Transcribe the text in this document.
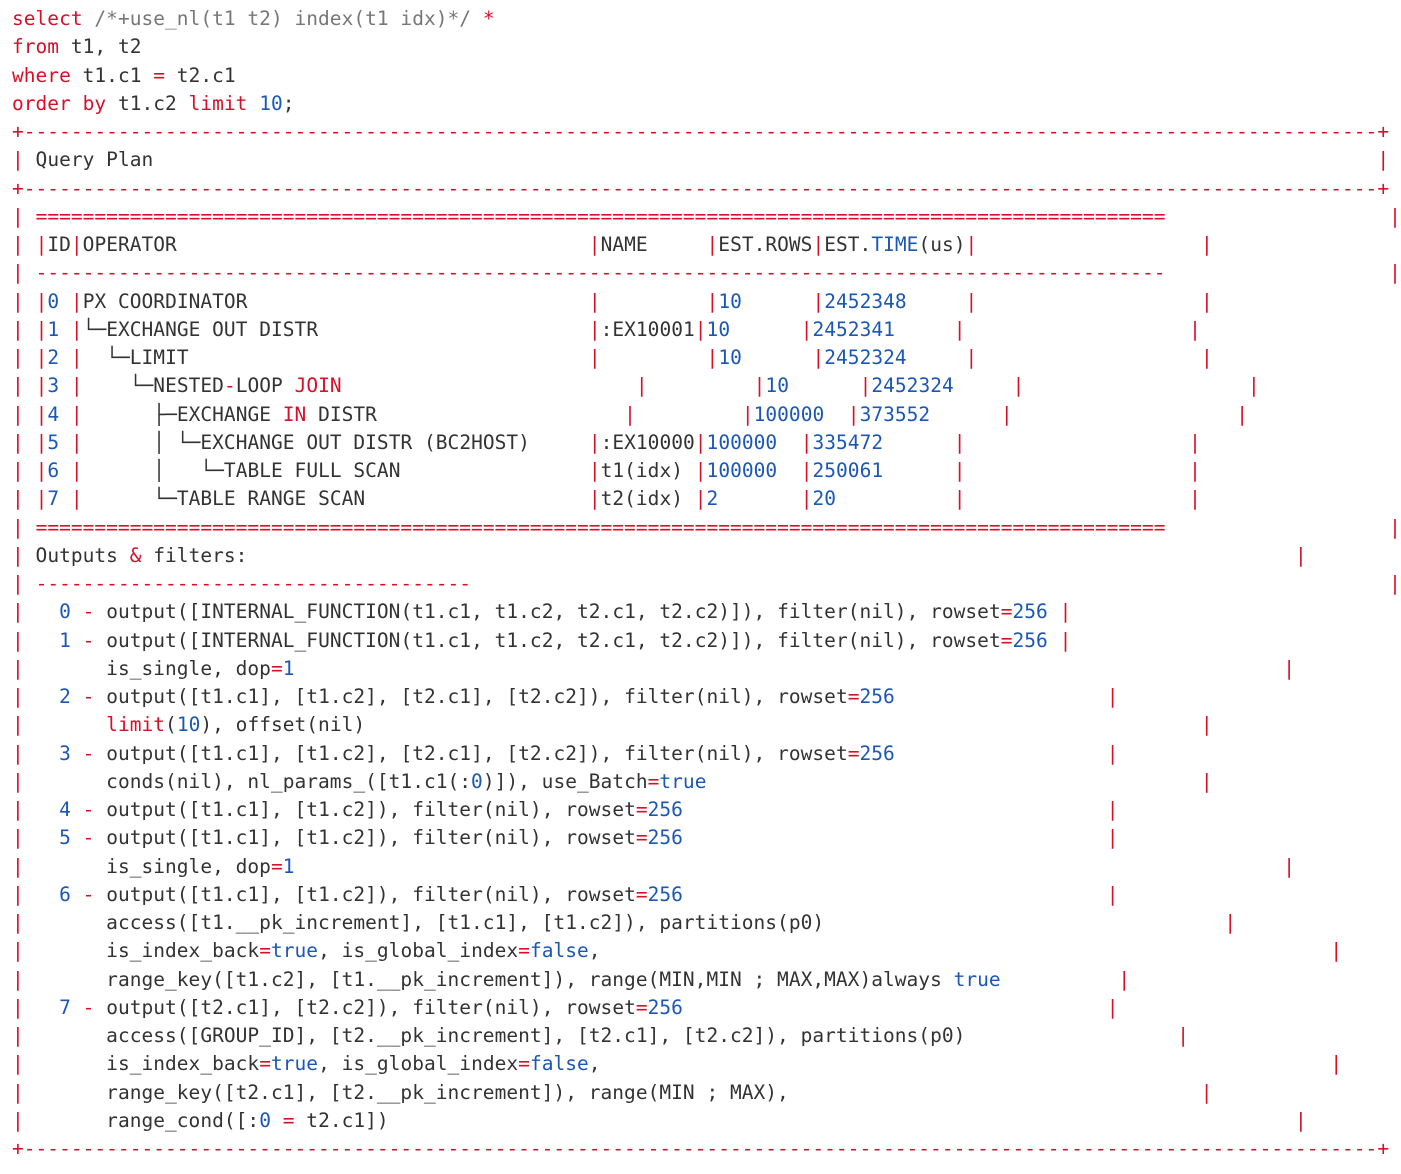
select /*+use_nl(t1 t2) index(t1 idx)*/ *
from t1, t2
where t1.c1 = t2.c1
order by t1.c2 limit 10;
+-------------------------------------------------------------------------------------------------------------------+
| Query Plan                                                                                                        |
+-------------------------------------------------------------------------------------------------------------------+
| ================================================================================================	|
| |ID|OPERATOR                                   |NAME     |EST.ROWS|EST.TIME(us)|	|
| ------------------------------------------------------------------------------------------------	|
| |0 |PX COORDINATOR                             |	|10	|2452348	|	|
| |1 |└─EXCHANGE OUT DISTR                       |:EX10001|10	|2452341	|	|
| |2 |  └─LIMIT                                  |	|10	|2452324	|	|
| |3 |    └─NESTED-LOOP JOIN	|	|10	|2452324	|	|
| |4 |      ├─EXCHANGE IN DISTR                     |	|100000 |373552	|	|
| |5 |      │ └─EXCHANGE OUT DISTR (BC2HOST)     |:EX10000|100000 |335472	|	|
| |6 |      │   └─TABLE FULL SCAN                |t1(idx) |100000 |250061	|	|
| |7 |      └─TABLE RANGE SCAN                   |t2(idx) |2	|20	|	|
| ================================================================================================	|
| Outputs & filters:                                                                                         |
| -------------------------------------	|
| 0 - output([INTERNAL_FUNCTION(t1.c1, t1.c2, t2.c1, t2.c2)]), filter(nil), rowset=256 |
| 1 - output([INTERNAL_FUNCTION(t1.c1, t1.c2, t2.c1, t2.c2)]), filter(nil), rowset=256 |
|       is_single, dop=1	|
| 2 - output([t1.c1], [t1.c2], [t2.c1], [t2.c2]), filter(nil), rowset=256	|
|	limit(10), offset(nil)                                                                       |
| 3 - output([t1.c1], [t1.c2], [t2.c1], [t2.c2]), filter(nil), rowset=256	|
|       conds(nil), nl_params_([t1.c1(:0)]), use_Batch=true	|
| 4 - output([t1.c1], [t1.c2]), filter(nil), rowset=256	|
| 5 - output([t1.c1], [t1.c2]), filter(nil), rowset=256	|
|       is_single, dop=1	|
| 6 - output([t1.c1], [t1.c2]), filter(nil), rowset=256	|
|       access([t1.__pk_increment], [t1.c1], [t1.c2]), partitions(p0)                                  |
|       is_index_back=true, is_global_index=false,                                                              |
|       range_key([t1.c2], [t1.__pk_increment]), range(MIN,MIN ; MAX,MAX)always true	|
| 7 - output([t2.c1], [t2.c2]), filter(nil), rowset=256	|
|       access([GROUP_ID], [t2.__pk_increment], [t2.c1], [t2.c2]), partitions(p0)                  |
|       is_index_back=true, is_global_index=false,                                                              |
|       range_key([t2.c1], [t2.__pk_increment]), range(MIN ; MAX),                                   |
|       range_cond([:0 = t2.c1])                                                                             |
+-------------------------------------------------------------------------------------------------------------------+
